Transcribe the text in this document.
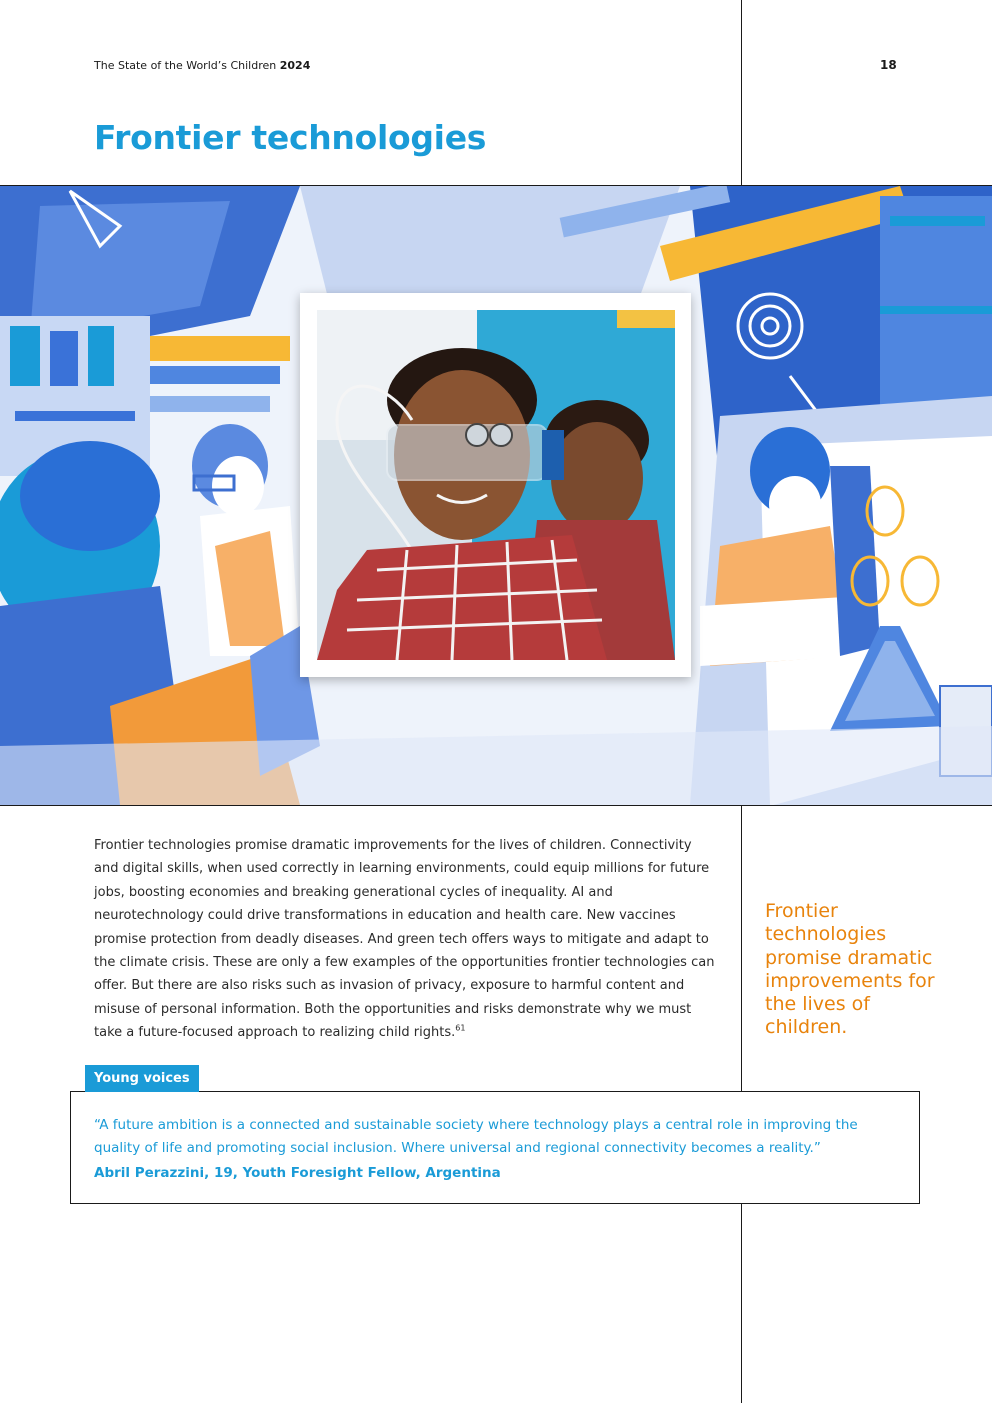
The State of the World’s Children 2024	18
Frontier technologies

Frontier technologies promise dramatic improvements for the lives of children. Connectivity and digital skills, when used correctly in learning environments, could equip millions for future jobs, boosting economies and breaking generational cycles of inequality. AI and neurotechnology could drive transformations in education and health care. New vaccines promise protection from deadly diseases. And green tech offers ways to mitigate and adapt to the climate crisis. These are only a few examples of the opportunities frontier technologies can offer. But there are also risks such as invasion of privacy, exposure to harmful content and misuse of personal information. Both the opportunities and risks demonstrate why we must take a future-focused approach to realizing child rights.$^{61}$

Frontier technologies promise dramatic improvements for the lives of children.

“A future ambition is a connected and sustainable society where technology plays a central role in improving the quality of life and promoting social inclusion. Where universal and regional connectivity becomes a reality.”

Abril Perazzini, 19, Youth Foresight Fellow, Argentina

Young voices
